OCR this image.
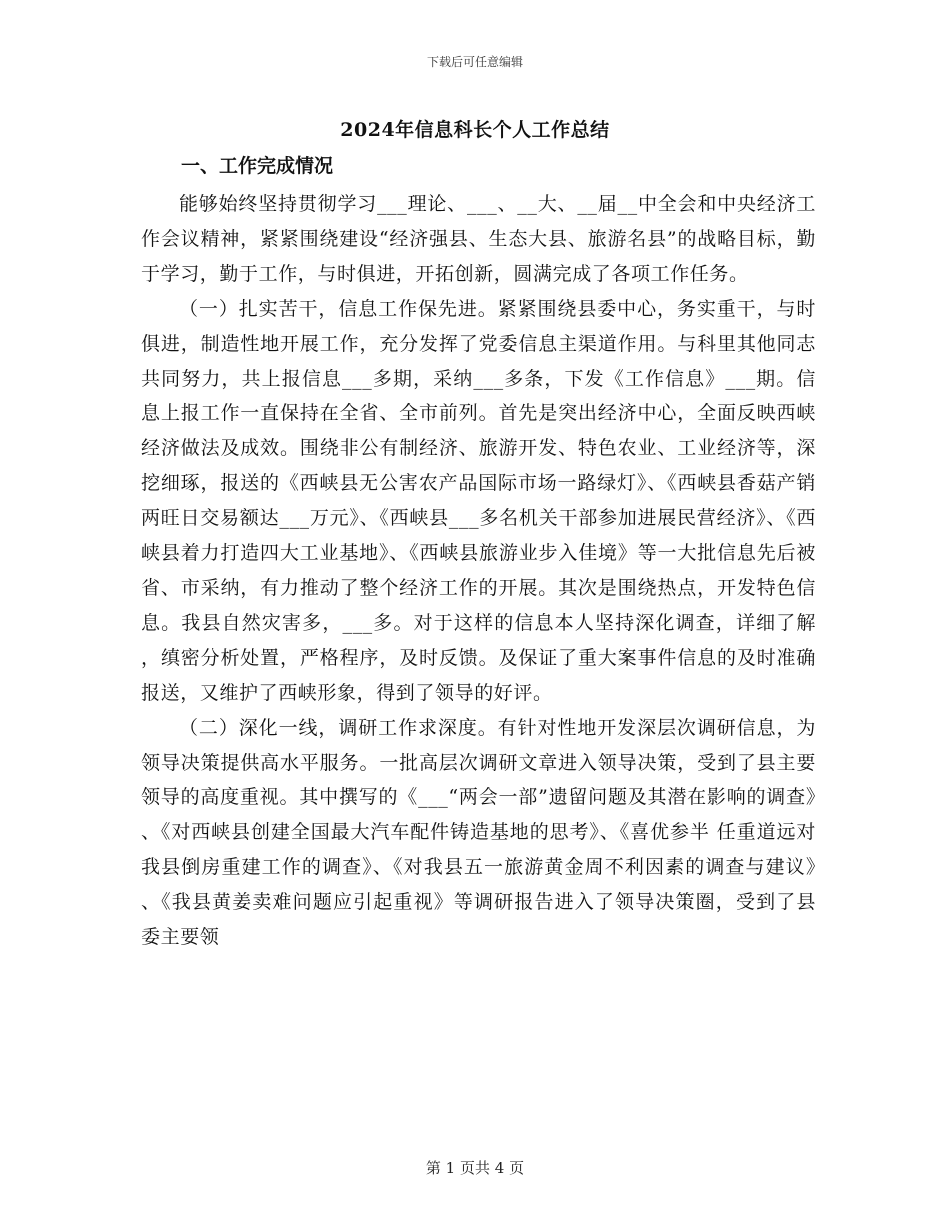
下载后可任意编辑
2024年信息科长个人工作总结
一、工作完成情况

能够始终坚持贯彻学习___理论、___、__大、__届__中全会和中央经济工作会议精神，紧紧围绕建设“经济强县、生态大县、旅游名县”的战略目标，勤于学习，勤于工作，与时俱进，开拓创新，圆满完成了各项工作任务。

（一）扎实苦干，信息工作保先进。紧紧围绕县委中心，务实重干，与时俱进，制造性地开展工作，充分发挥了党委信息主渠道作用。与科里其他同志共同努力，共上报信息___多期，采纳___多条，下发《工作信息》___期。信息上报工作一直保持在全省、全市前列。首先是突出经济中心，全面反映西峡经济做法及成效。围绕非公有制经济、旅游开发、特色农业、工业经济等，深挖细琢，报送的《西峡县无公害农产品国际市场一路绿灯》、《西峡县香菇产销两旺日交易额达___万元》、《西峡县___多名机关干部参加进展民营经济》、《西峡县着力打造四大工业基地》、《西峡县旅游业步入佳境》等一大批信息先后被省、市采纳，有力推动了整个经济工作的开展。其次是围绕热点，开发特色信息。我县自然灾害多，___多。对于这样的信息本人坚持深化调查，详细了解，缜密分析处置，严格程序，及时反馈。及保证了重大案事件信息的及时准确报送，又维护了西峡形象，得到了领导的好评。

（二）深化一线，调研工作求深度。有针对性地开发深层次调研信息，为领导决策提供高水平服务。一批高层次调研文章进入领导决策，受到了县主要领导的高度重视。其中撰写的《___“两会一部”遗留问题及其潜在影响的调查》、《对西峡县创建全国最大汽车配件铸造基地的思考》、《喜优参半 任重道远对我县倒房重建工作的调查》、《对我县五一旅游黄金周不利因素的调查与建议》、《我县黄姜卖难问题应引起重视》等调研报告进入了领导决策圈，受到了县委主要领

第 1 页共 4 页
